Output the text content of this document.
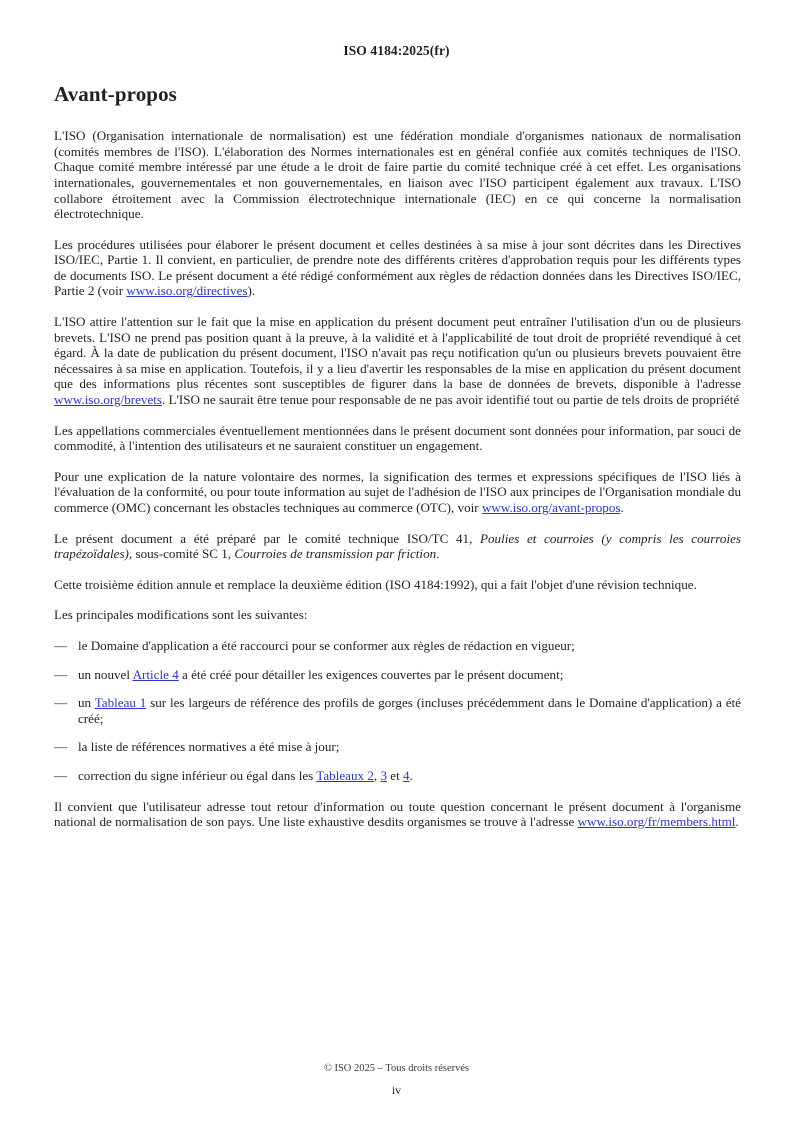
ISO 4184:2025(fr)
Avant-propos

L'ISO (Organisation internationale de normalisation) est une fédération mondiale d'organismes nationaux de normalisation (comités membres de l'ISO). L'élaboration des Normes internationales est en général confiée aux comités techniques de l'ISO. Chaque comité membre intéressé par une étude a le droit de faire partie du comité technique créé à cet effet. Les organisations internationales, gouvernementales et non gouvernementales, en liaison avec l'ISO participent également aux travaux. L'ISO collabore étroitement avec la Commission électrotechnique internationale (IEC) en ce qui concerne la normalisation électrotechnique.

Les procédures utilisées pour élaborer le présent document et celles destinées à sa mise à jour sont décrites dans les Directives ISO/IEC, Partie 1. Il convient, en particulier, de prendre note des différents critères d'approbation requis pour les différents types de documents ISO. Le présent document a été rédigé conformément aux règles de rédaction données dans les Directives ISO/IEC, Partie 2 (voir www.iso.org/directives).

L'ISO attire l'attention sur le fait que la mise en application du présent document peut entraîner l'utilisation d'un ou de plusieurs brevets. L'ISO ne prend pas position quant à la preuve, à la validité et à l'applicabilité de tout droit de propriété revendiqué à cet égard. À la date de publication du présent document, l'ISO n'avait pas reçu notification qu'un ou plusieurs brevets pouvaient être nécessaires à sa mise en application. Toutefois, il y a lieu d'avertir les responsables de la mise en application du présent document que des informations plus récentes sont susceptibles de figurer dans la base de données de brevets, disponible à l'adresse www.iso.org/brevets. L'ISO ne saurait être tenue pour responsable de ne pas avoir identifié tout ou partie de tels droits de propriété

Les appellations commerciales éventuellement mentionnées dans le présent document sont données pour information, par souci de commodité, à l'intention des utilisateurs et ne sauraient constituer un engagement.

Pour une explication de la nature volontaire des normes, la signification des termes et expressions spécifiques de l'ISO liés à l'évaluation de la conformité, ou pour toute information au sujet de l'adhésion de l'ISO aux principes de l'Organisation mondiale du commerce (OMC) concernant les obstacles techniques au commerce (OTC), voir www.iso.org/avant-propos.

Le présent document a été préparé par le comité technique ISO/TC 41, Poulies et courroies (y compris les courroies trapézoïdales), sous-comité SC 1, Courroies de transmission par friction.

Cette troisième édition annule et remplace la deuxième édition (ISO 4184:1992), qui a fait l'objet d'une révision technique.

Les principales modifications sont les suivantes:

— le Domaine d'application a été raccourci pour se conformer aux règles de rédaction en vigueur;
— un nouvel Article 4 a été créé pour détailler les exigences couvertes par le présent document;
— un Tableau 1 sur les largeurs de référence des profils de gorges (incluses précédemment dans le Domaine d'application) a été créé;
— la liste de références normatives a été mise à jour;
— correction du signe inférieur ou égal dans les Tableaux 2, 3 et 4.

Il convient que l'utilisateur adresse tout retour d'information ou toute question concernant le présent document à l'organisme national de normalisation de son pays. Une liste exhaustive desdits organismes se trouve à l'adresse www.iso.org/fr/members.html.

© ISO 2025 – Tous droits réservés
iv
